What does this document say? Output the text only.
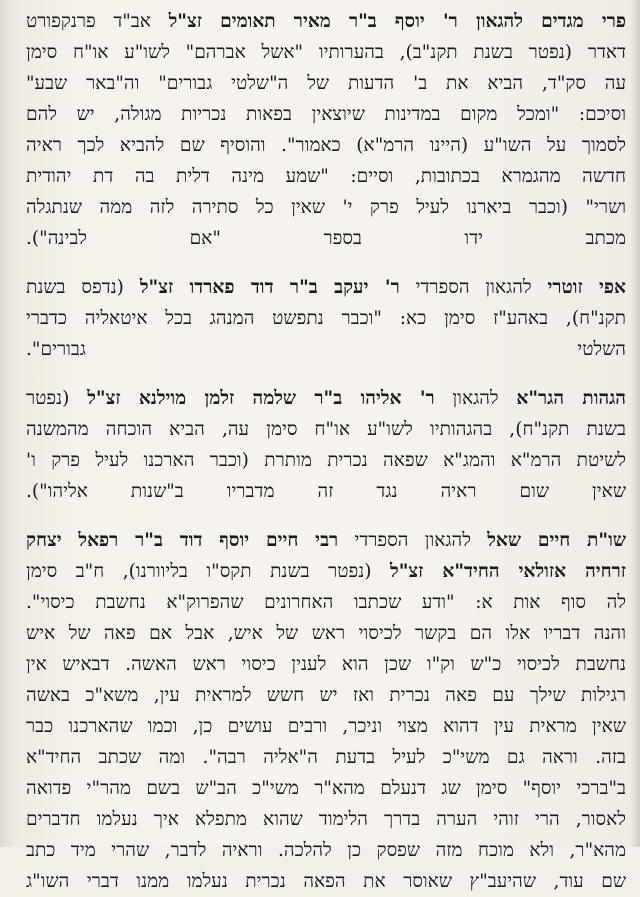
פרי מגדים להגאון ר' יוסף ב"ר מאיר תאומים זצ"ל אב"ד פרנקפורט
דאדר (נפטר בשנת תקנ"ב), בהערותיו "אשל אברהם" לשו"ע או"ח סימן
עה סק"ד, הביא את ב' הדעות של ה"שלטי גבורים" וה"באר שבע"
וסיכם: "ומכל מקום במדינות שיוצאין בפאות נכריות מגולה, יש להם
לסמוך על השו"ע (היינו הרמ"א) כאמור". והוסיף שם להביא לכך ראיה
חדשה מהגמרא בכתובות, וסיים: "שמע מינה דלית בה דת יהודית
ושרי" (וכבר ביארנו לעיל פרק י' שאין כל סתירה לזה ממה שנתגלה
מכתב ידו בספר "אם לבינה").
אפי זוטרי להגאון הספרדי ר' יעקב ב"ר דוד פארדו זצ"ל (נדפס בשנת
תקנ"ח), באהע"ז סימן כא: "וכבר נתפשט המנהג בכל איטאליה כדברי
השלטי גבורים".
הגהות הגר"א להגאון ר' אליהו ב"ר שלמה זלמן מוילנא זצ"ל (נפטר
בשנת תקנ"ח), בהגהותיו לשו"ע או"ח סימן עה, הביא הוכחה מהמשנה
לשיטת הרמ"א והמג"א שפאה נכרית מותרת (וכבר הארכנו לעיל פרק ו'
שאין שום ראיה נגד זה מדבריו ב"שנות אליהו").
שו"ת חיים שאל להגאון הספרדי רבי חיים יוסף דוד ב"ר רפאל יצחק
זרחיה אזולאי החיד"א זצ"ל (נפטר בשנת תקס"ו בליוורנו), ח"ב סימן
לה סוף אות א: "ודע שכתבו האחרונים שהפרוק"א נחשבת כיסוי".
והנה דבריו אלו הם בקשר לכיסוי ראש של איש, אבל אם פאה של איש
נחשבת לכיסוי כ"ש וק"ו שכן הוא לענין כיסוי ראש האשה. דבאיש אין
רגילות שילך עם פאה נכרית ואז יש חשש למראית עין, משא"כ באשה
שאין מראית עין דהוא מצוי וניכר, ורבים עושים כן, וכמו שהארכנו כבר
בזה. וראה גם משי"כ לעיל בדעת ה"אליה רבה". ומה שכתב החיד"א
ב"ברכי יוסף" סימן שג דנעלם מהא"ר משי"כ הב"ש בשם מהר"י פדואה
לאסור, הרי זוהי הערה בדרך הלימוד שהוא מתפלא איך נעלמו חדברים
מהא"ר, ולא מוכח מזה שפסק כן להלכה. וראיה לדבר, שהרי מיד כתב
שם עוד, שהיעב"ץ שאוסר את הפאה נכרית נעלמו ממנו דברי השו"ג
